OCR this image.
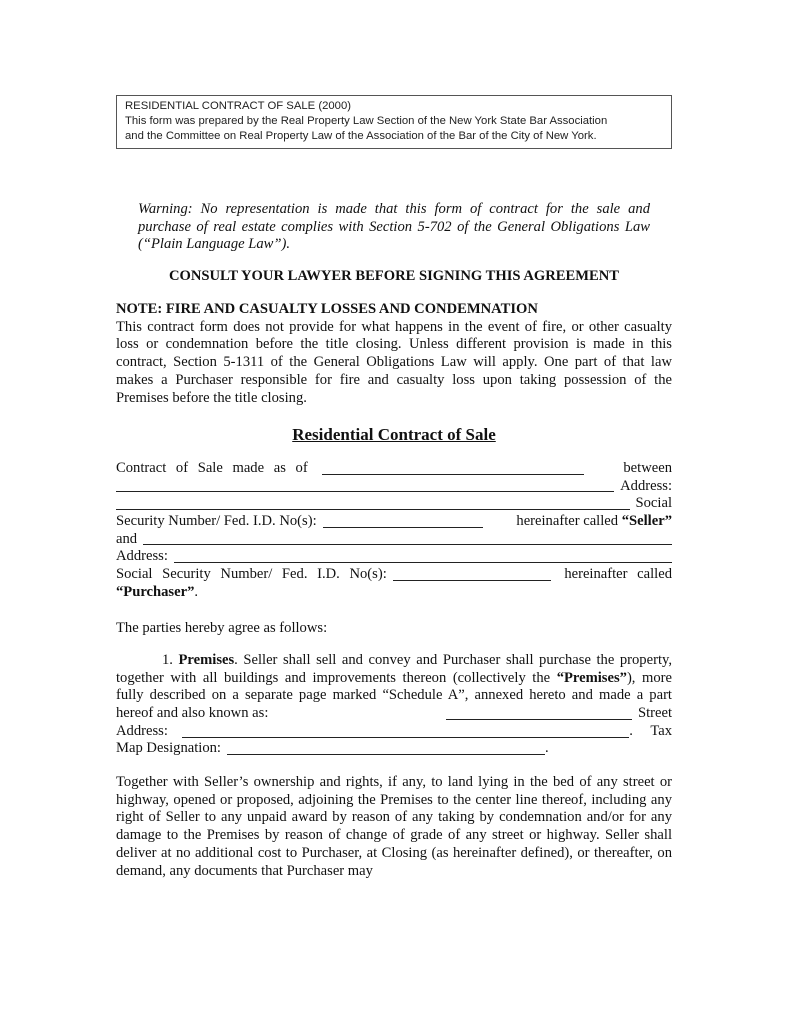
RESIDENTIAL CONTRACT OF SALE (2000)
This form was prepared by the Real Property Law Section of the New York State Bar Association
and the Committee on Real Property Law of the Association of the Bar of the City of New York.
Warning: No representation is made that this form of contract for the sale and purchase of real estate complies with Section 5-702 of the General Obligations Law (“Plain Language Law”).
CONSULT YOUR LAWYER BEFORE SIGNING THIS AGREEMENT
NOTE: FIRE AND CASUALTY LOSSES AND CONDEMNATION
This contract form does not provide for what happens in the event of fire, or other casualty loss or condemnation before the title closing. Unless different provision is made in this contract, Section 5-1311 of the General Obligations Law will apply. One part of that law makes a Purchaser responsible for fire and casualty loss upon taking possession of the Premises before the title closing.
Residential Contract of Sale
Contract of Sale made as of	between
Address:
Social
Security Number/ Fed. I.D. No(s):	hereinafter called
“Seller”
and
Address:
Social Security Number/ Fed. I.D. No(s):	hereinafter called
“Purchaser” .
The parties hereby agree as follows:

1. Premises. Seller shall sell and convey and Purchaser shall purchase the property, together with all buildings and improvements thereon (collectively the “Premises”), more fully described on a separate page marked “Schedule A”, annexed hereto and made a part hereof and also known as:	Street
Address:	. Tax
Map Designation:	.
Together with Seller’s ownership and rights, if any, to land lying in the bed of any street or highway, opened or proposed, adjoining the Premises to the center line thereof, including any right of Seller to any unpaid award by reason of any taking by condemnation and/or for any damage to the Premises by reason of change of grade of any street or highway. Seller shall deliver at no additional cost to Purchaser, at Closing (as hereinafter defined), or thereafter, on demand, any documents that Purchaser may
